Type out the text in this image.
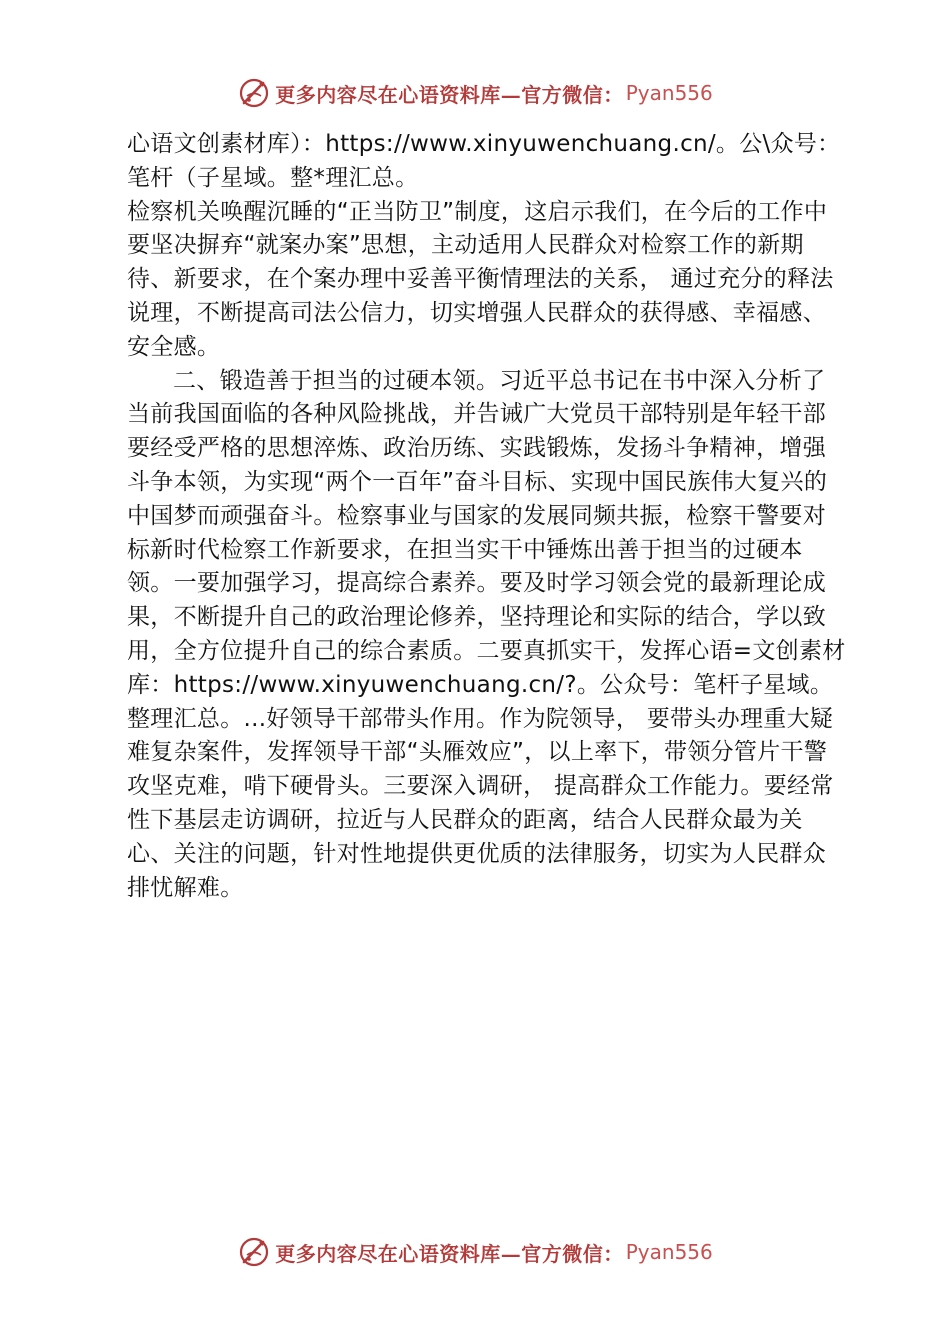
更多内容尽在心语资料库—官方微信： Pyan556

心语文创素材库）：https://www.xinyuwenchuang.cn/。公\众号：笔杆（子星域。整*理汇总。

检察机关唤醒沉睡的“正当防卫”制度，这启示我们，在今后的工作中要坚决摒弃“就案办案”思想，主动适用人民群众对检察工作的新期待、新要求，在个案办理中妥善平衡情理法的关系， 通过充分的释法说理，不断提高司法公信力，切实增强人民群众的获得感、幸福感、安全感。

二、锻造善于担当的过硬本领。习近平总书记在书中深入分析了当前我国面临的各种风险挑战，并告诫广大党员干部特别是年轻干部要经受严格的思想淬炼、政治历练、实践锻炼，发扬斗争精神，增强斗争本领，为实现“两个一百年”奋斗目标、实现中国民族伟大复兴的中国梦而顽强奋斗。检察事业与国家的发展同频共振，检察干警要对标新时代检察工作新要求，在担当实干中锤炼出善于担当的过硬本领。一要加强学习，提高综合素养。要及时学习领会党的最新理论成果，不断提升自己的政治理论修养，坚持理论和实际的结合，学以致用，全方位提升自己的综合素质。二要真抓实干，发挥心语=文创素材库：https://www.xinyuwenchuang.cn/?。公众号：笔杆子星域。整理汇总。...好领导干部带头作用。作为院领导， 要带头办理重大疑难复杂案件，发挥领导干部“头雁效应”，以上率下，带领分管片干警攻坚克难，啃下硬骨头。三要深入调研， 提高群众工作能力。要经常性下基层走访调研，拉近与人民群众的距离，结合人民群众最为关心、关注的问题，针对性地提供更优质的法律服务，切实为人民群众排忧解难。

更多内容尽在心语资料库—官方微信： Pyan556
